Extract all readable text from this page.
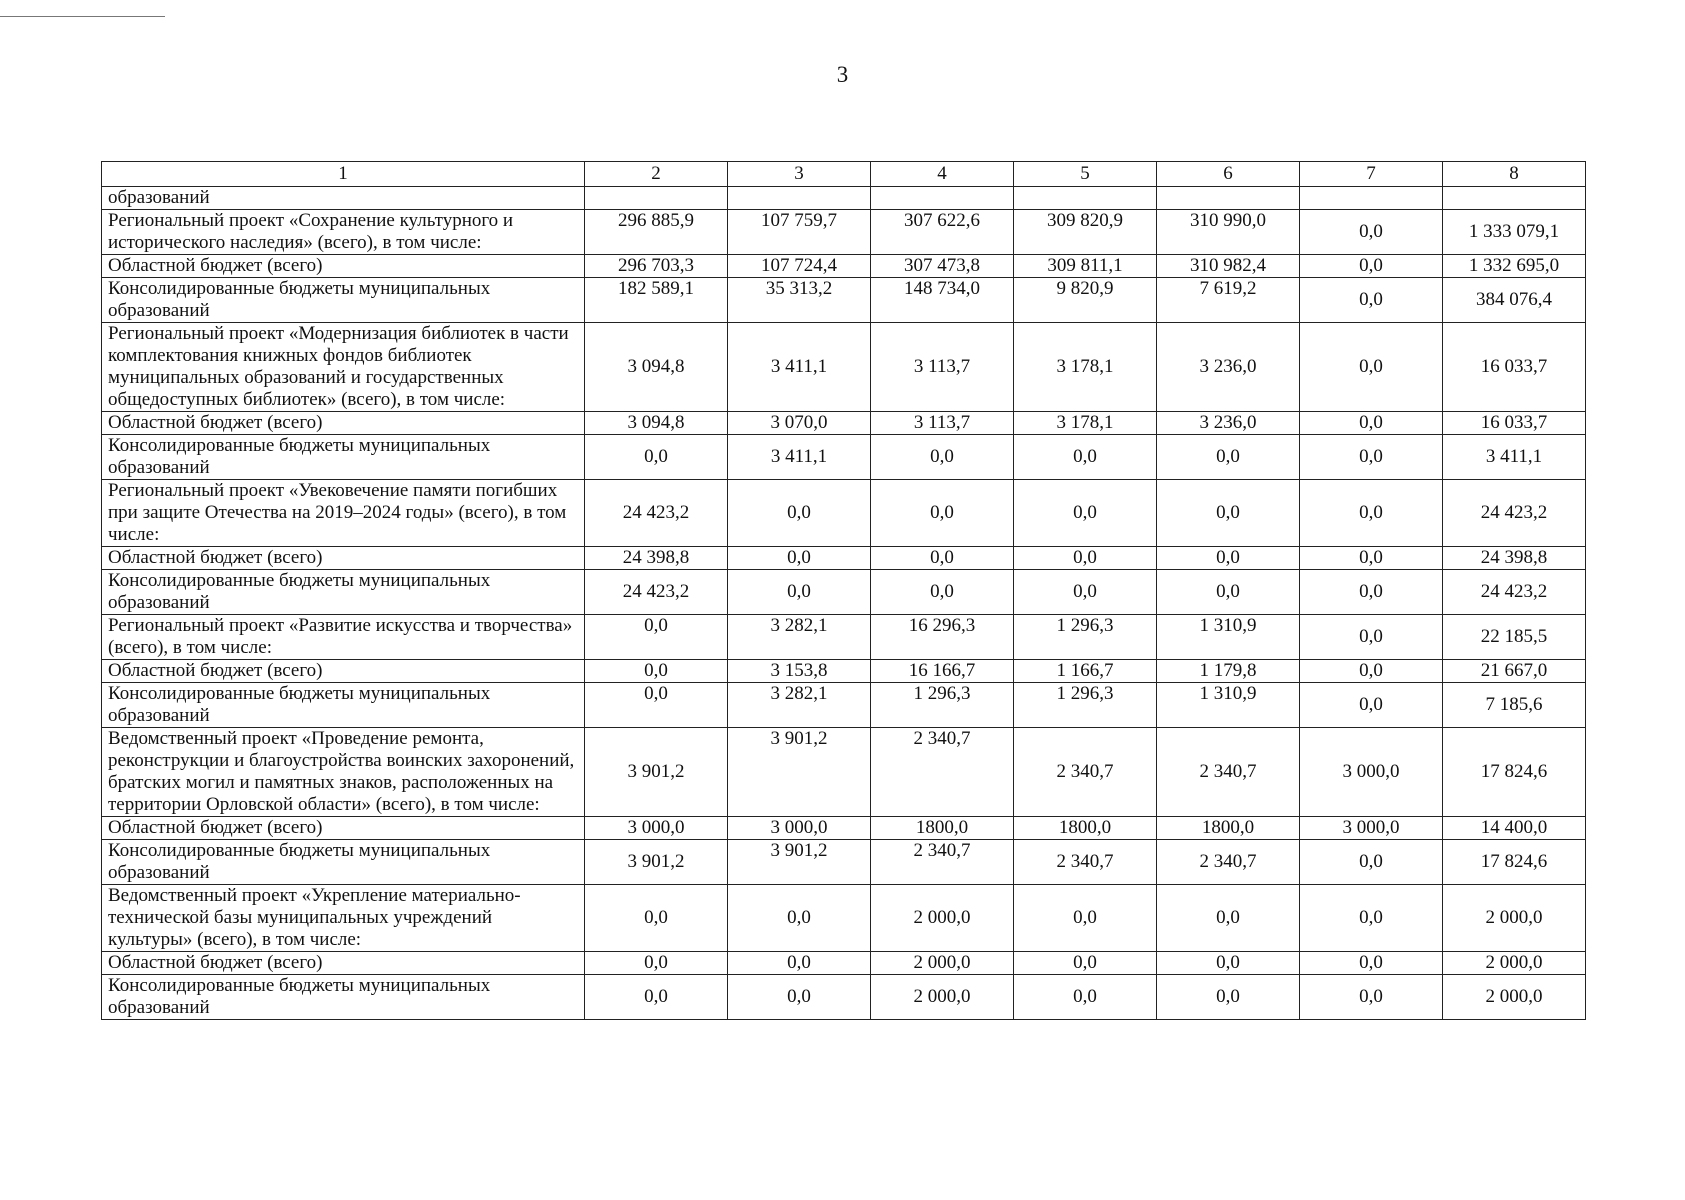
3
1	2	3	4	5	6	7	8
образований							
Региональный проект «Сохранение культурного и исторического наследия» (всего), в том числе:	296 885,9	107 759,7	307 622,6	309 820,9	310 990,0	0,0	1 333 079,1
Областной бюджет (всего)	296 703,3	107 724,4	307 473,8	309 811,1	310 982,4	0,0	1 332 695,0
Консолидированные бюджеты муниципальных образований	182 589,1	35 313,2	148 734,0	9 820,9	7 619,2	0,0	384 076,4
Региональный проект «Модернизация библиотек в части комплектования книжных фондов библиотек муниципальных образований и государственных общедоступных библиотек» (всего), в том числе:	3 094,8	3 411,1	3 113,7	3 178,1	3 236,0	0,0	16 033,7
Областной бюджет (всего)	3 094,8	3 070,0	3 113,7	3 178,1	3 236,0	0,0	16 033,7
Консолидированные бюджеты муниципальных образований	0,0	3 411,1	0,0	0,0	0,0	0,0	3 411,1
Региональный проект «Увековечение памяти погибших при защите Отечества на 2019–2024 годы» (всего), в том числе:	24 423,2	0,0	0,0	0,0	0,0	0,0	24 423,2
Областной бюджет (всего)	24 398,8	0,0	0,0	0,0	0,0	0,0	24 398,8
Консолидированные бюджеты муниципальных образований	24 423,2	0,0	0,0	0,0	0,0	0,0	24 423,2
Региональный проект «Развитие искусства и творчества» (всего), в том числе:	0,0	3 282,1	16 296,3	1 296,3	1 310,9	0,0	22 185,5
Областной бюджет (всего)	0,0	3 153,8	16 166,7	1 166,7	1 179,8	0,0	21 667,0
Консолидированные бюджеты муниципальных образований	0,0	3 282,1	1 296,3	1 296,3	1 310,9	0,0	7 185,6
Ведомственный проект «Проведение ремонта, реконструкции и благоустройства воинских захоронений, братских могил и памятных знаков, расположенных на территории Орловской области» (всего), в том числе:	3 901,2	3 901,2	2 340,7	2 340,7	2 340,7	3 000,0	17 824,6
Областной бюджет (всего)	3 000,0	3 000,0	1800,0	1800,0	1800,0	3 000,0	14 400,0
Консолидированные бюджеты муниципальных образований	3 901,2	3 901,2	2 340,7	2 340,7	2 340,7	0,0	17 824,6
Ведомственный проект «Укрепление материально-технической базы муниципальных учреждений культуры» (всего), в том числе:	0,0	0,0	2 000,0	0,0	0,0	0,0	2 000,0
Областной бюджет (всего)	0,0	0,0	2 000,0	0,0	0,0	0,0	2 000,0
Консолидированные бюджеты муниципальных образований	0,0	0,0	2 000,0	0,0	0,0	0,0	2 000,0
